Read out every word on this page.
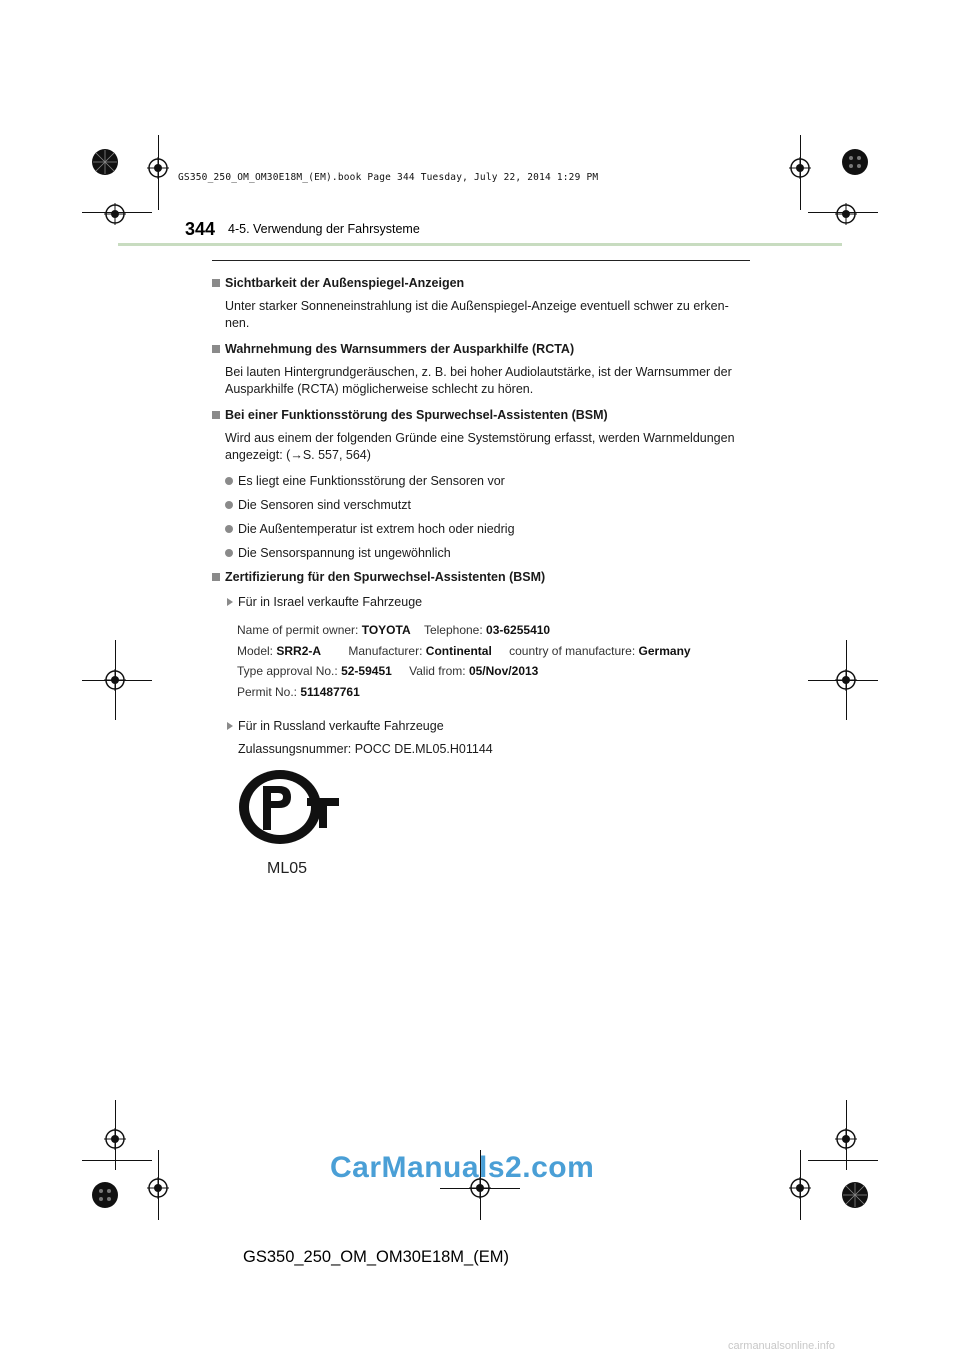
GS350_250_OM_OM30E18M_(EM).book Page 344 Tuesday, July 22, 2014 1:29 PM
344 4-5. Verwendung der Fahrsysteme
Sichtbarkeit der Außenspiegel-Anzeigen
Unter starker Sonneneinstrahlung ist die Außenspiegel-Anzeige eventuell schwer zu erken-nen.
Wahrnehmung des Warnsummers der Ausparkhilfe (RCTA)
Bei lauten Hintergrundgeräuschen, z. B. bei hoher Audiolautstärke, ist der Warnsummer der Ausparkhilfe (RCTA) möglicherweise schlecht zu hören.
Bei einer Funktionsstörung des Spurwechsel-Assistenten (BSM)
Wird aus einem der folgenden Gründe eine Systemstörung erfasst, werden Warnmeldungen angezeigt: (→S. 557, 564)
Es liegt eine Funktionsstörung der Sensoren vor
Die Sensoren sind verschmutzt
Die Außentemperatur ist extrem hoch oder niedrig
Die Sensorspannung ist ungewöhnlich
Zertifizierung für den Spurwechsel-Assistenten (BSM)
Für in Israel verkaufte Fahrzeuge
Name of permit owner: TOYOTA Telephone: 03-6255410
Model: SRR2-A Manufacturer: Continental country of manufacture: Germany
Type approval No.: 52-59451 Valid from: 05/Nov/2013
Permit No.: 511487761
Für in Russland verkaufte Fahrzeuge
Zulassungsnummer: POCC DE.ML05.H01144
ML05
CarManuals2.com
GS350_250_OM_OM30E18M_(EM)
carmanualsonline.info
